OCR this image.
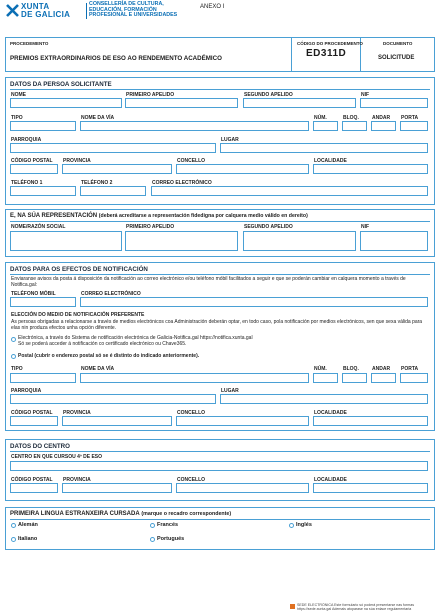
XUNTA
DE GALICIA
CONSELLERÍA DE CULTURA,
EDUCACIÓN, FORMACIÓN
PROFESIONAL E UNIVERSIDADES
ANEXO I
PROCEDEMENTO
PREMIOS EXTRAORDINARIOS DE ESO AO RENDEMENTO ACADÉMICO
CÓDIGO DO PROCEDEMENTO
ED311D
DOCUMENTO
SOLICITUDE
DATOS DA PERSOA SOLICITANTE
NOME	PRIMEIRO APELIDO	SEGUNDO APELIDO	NIF
TIPO	NOME DA VÍA	NÚM.	BLOQ.	ANDAR PORTA
PARROQUIA	LUGAR
CÓDIGO POSTAL PROVINCIA	CONCELLO	LOCALIDADE
TELÉFONO 1	TELÉFONO 2	CORREO ELECTRÓNICO
E, NA SÚA REPRESENTACIÓN (deberá acreditarse a representación fidedigna por calquera medio válido en dereito)
NOME/RAZÓN SOCIAL	PRIMEIRO APELIDO	SEGUNDO APELIDO	NIF
DATOS PARA OS EFECTOS DE NOTIFICACIÓN
Enviaranse avisos da posta á disposición da notificación ao correo electrónico e/ou teléfono móbil facilitados a seguir e que se poderán cambiar en calquera momento a través de Notifica.gal:
TELÉFONO MÓBIL	CORREO ELECTRÓNICO
ELECCIÓN DO MEDIO DE NOTIFICACIÓN PREFERENTE
As persoas obrigadas a relacionarse a través de medios electrónicos coa Administración deberán optar, en todo caso, pola notificación por medios electrónicos, sen que sexa válida para elas nin produza efectos unha opción diferente.
Electrónica, a través do Sistema de notificación electrónica de Galicia-Notifica.gal https://notifica.xunta.gal
Só se poderá acceder á notificación co certificado electrónico ou Chave365.
Postal (cubrir o enderezo postal só se é distinto do indicado anteriormente).
TIPO	NOME DA VÍA	NÚM.	BLOQ.	ANDAR PORTA
PARROQUIA	LUGAR
CÓDIGO POSTAL PROVINCIA	CONCELLO	LOCALIDADE
DATOS DO CENTRO
CENTRO EN QUE CURSOU 4º DE ESO
CÓDIGO POSTAL PROVINCIA	CONCELLO	LOCALIDADE
PRIMEIRA LINGUA ESTRANXEIRA CURSADA (marque o recadro correspondente)
Alemán	Francés	Inglés
Italiano	Portugués
SEDE ELECTRÓNICA Este formulario só poderá presentarse nas formas
https://sede.xunta.gal Ademais atoparase na súa enlace regulamentaria
